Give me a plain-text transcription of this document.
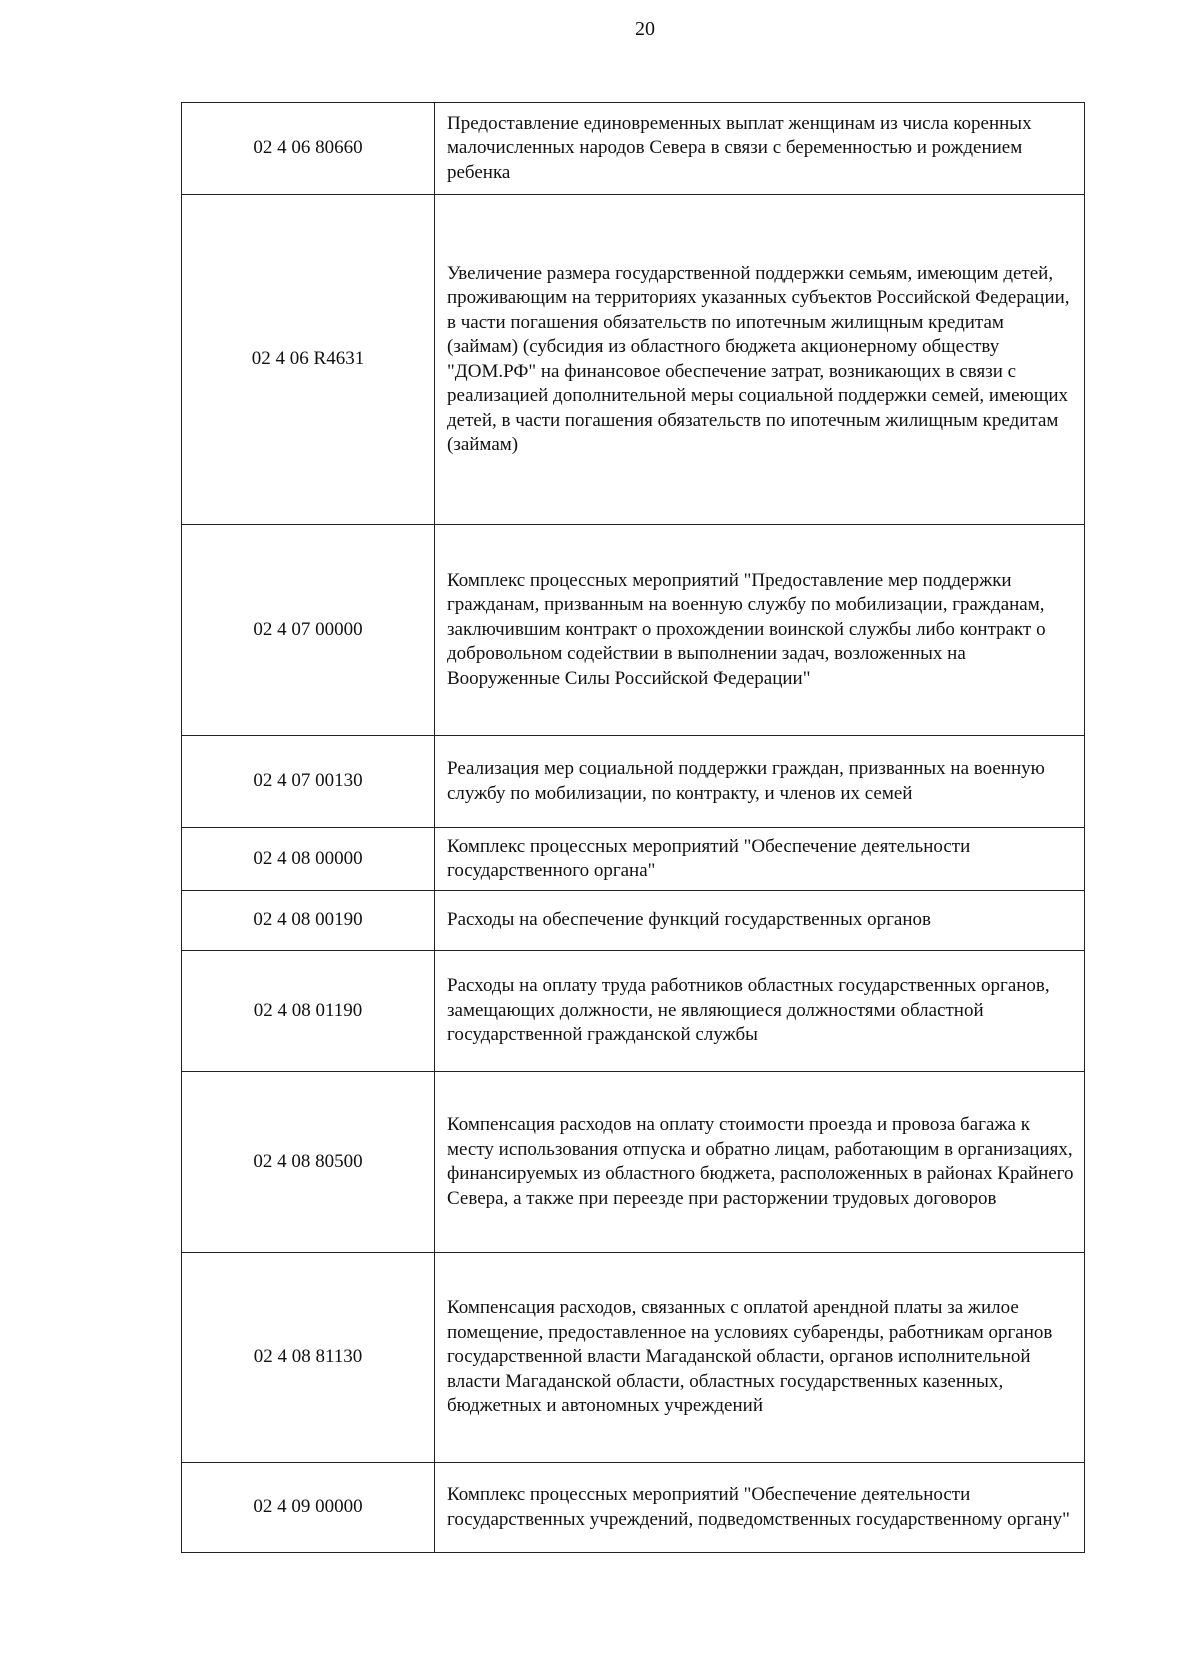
20
02 4 06 80660	Предоставление единовременных выплат женщинам из числа коренных малочисленных народов Севера в связи с беременностью и рождением ребенка
02 4 06 R4631	Увеличение размера государственной поддержки семьям, имеющим детей, проживающим на территориях указанных субъектов Российской Федерации, в части погашения обязательств по ипотечным жилищным кредитам (займам) (субсидия из областного бюджета акционерному обществу "ДОМ.РФ" на финансовое обеспечение затрат, возникающих в связи с реализацией дополнительной меры социальной поддержки семей, имеющих детей, в части погашения обязательств по ипотечным жилищным кредитам (займам)
02 4 07 00000	Комплекс процессных мероприятий "Предоставление мер поддержки гражданам, призванным на военную службу по мобилизации, гражданам, заключившим контракт о прохождении воинской службы либо контракт о добровольном содействии в выполнении задач, возложенных на Вооруженные Силы Российской Федерации"
02 4 07 00130	Реализация мер социальной поддержки граждан, призванных на военную службу по мобилизации, по контракту, и членов их семей
02 4 08 00000	Комплекс процессных мероприятий "Обеспечение деятельности государственного органа"
02 4 08 00190	Расходы на обеспечение функций государственных органов
02 4 08 01190	Расходы на оплату труда работников областных государственных органов, замещающих должности, не являющиеся должностями областной государственной гражданской службы
02 4 08 80500	Компенсация расходов на оплату стоимости проезда и провоза багажа к месту использования отпуска и обратно лицам, работающим в организациях, финансируемых из областного бюджета, расположенных в районах Крайнего Севера, а также при переезде при расторжении трудовых договоров
02 4 08 81130	Компенсация расходов, связанных с оплатой арендной платы за жилое помещение, предоставленное на условиях субаренды, работникам органов государственной власти Магаданской области, органов исполнительной власти Магаданской области, областных государственных казенных, бюджетных и автономных учреждений
02 4 09 00000	Комплекс процессных мероприятий "Обеспечение деятельности государственных учреждений, подведомственных государственному органу"
